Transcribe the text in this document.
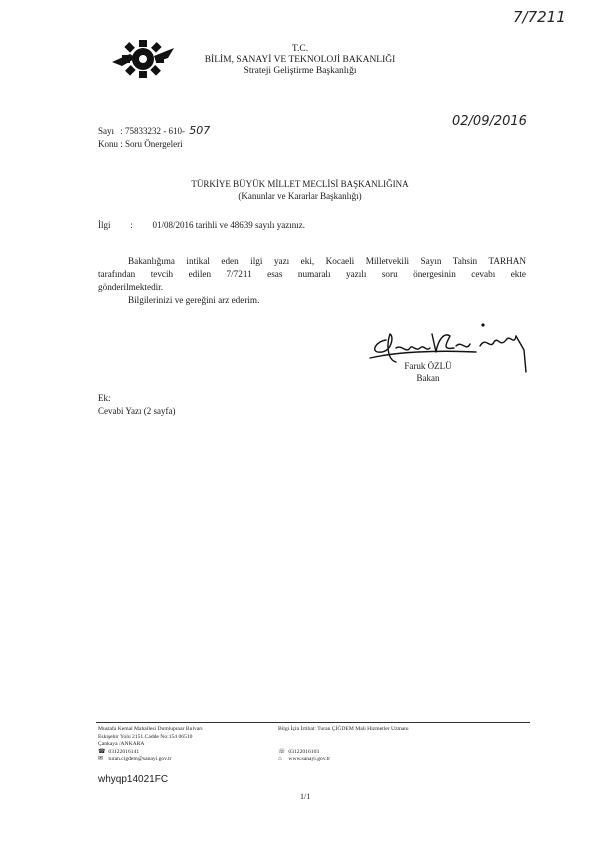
7/7211
T.C.
BİLİM, SANAYİ VE TEKNOLOJİ BAKANLIĞI
Strateji Geliştirme Başkanlığı
Sayı : 75833232 - 610- 507
Konu : Soru Önergeleri
02/09/2016
TÜRKİYE BÜYÜK MİLLET MECLİSİ BAŞKANLIĞINA
(Kanunlar ve Kararlar Başkanlığı)
İlgi : 01/08/2016 tarihli ve 48639 sayılı yazınız.
Bakanlığıma intikal eden ilgi yazı eki, Kocaeli Milletvekili Sayın Tahsin TARHAN
tarafından tevcih edilen 7/7211 esas numaralı yazılı soru önergesinin cevabı ekte
gönderilmektedir.
Bilgilerinizi ve gereğini arz ederim.
Faruk ÖZLÜ
Bakan
Ek:
Cevabi Yazı (2 sayfa)
Mustafa Kemal Mahallesi Dumlupınar Bulvarı
Eskişehir Yolu 2151.Cadde No:154 06510
Çankaya /ANKARA
☎ 03122016141
✉ turan.cigdem@sanayi.gov.tr
Bilgi İçin İrtibat: Turan ÇİĞDEM Mali Hizmetler Uzmanı
☏ 03122016103
⌂ www.sanayi.gov.tr
whyqp14021FC
1/1
